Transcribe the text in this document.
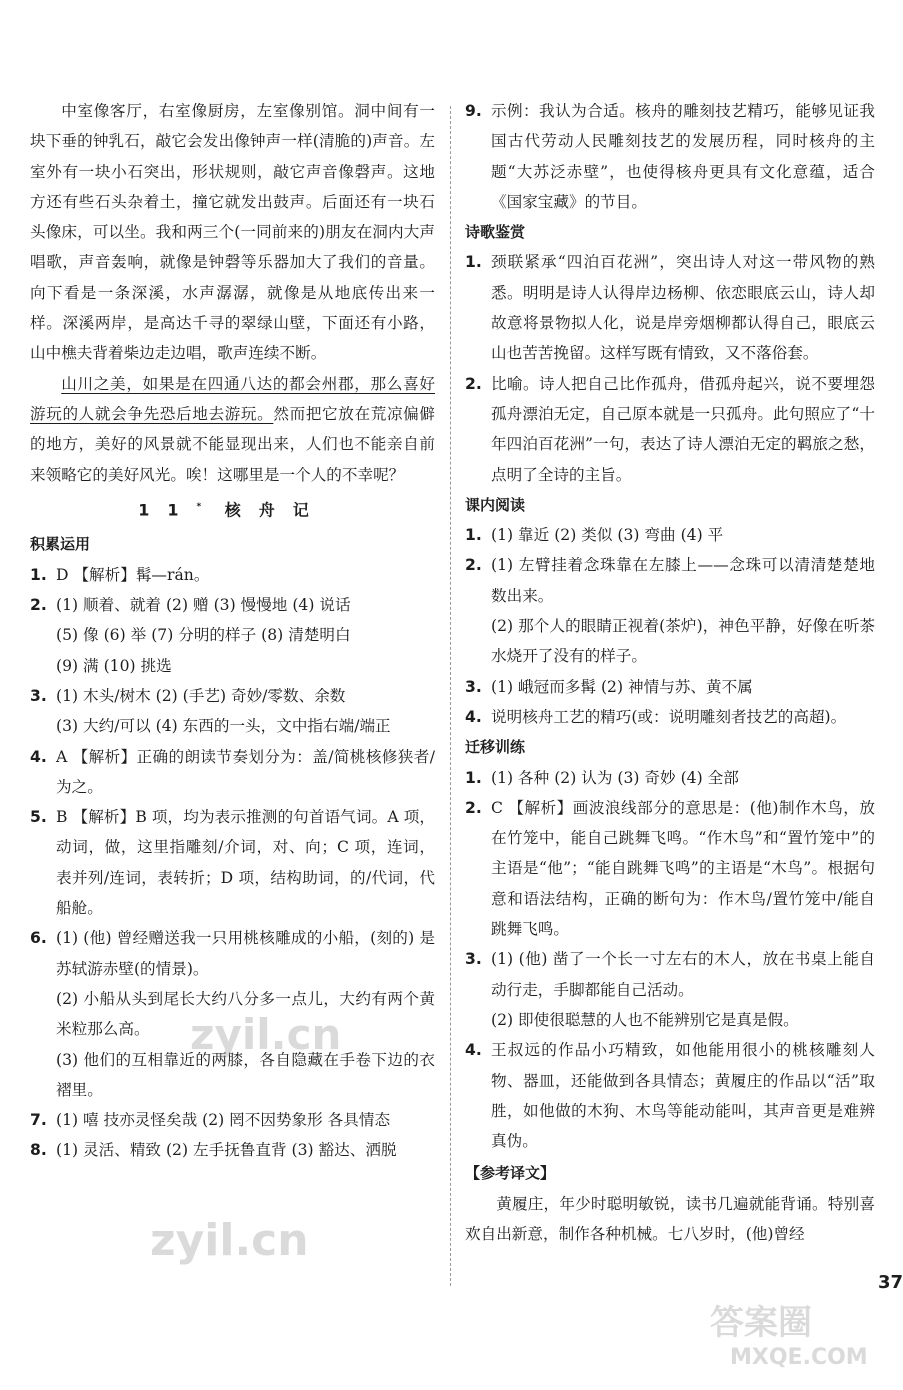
中室像客厅，右室像厨房，左室像别馆。洞中间有一块下垂的钟乳石，敲它会发出像钟声一样(清脆的)声音。左室外有一块小石突出，形状规则，敲它声音像磬声。这地方还有些石头杂着土，撞它就发出鼓声。后面还有一块石头像床，可以坐。我和两三个(一同前来的)朋友在洞内大声唱歌，声音轰响，就像是钟磬等乐器加大了我们的音量。向下看是一条深溪，水声潺潺，就像是从地底传出来一样。深溪两岸，是高达千寻的翠绿山壁，下面还有小路，山中樵夫背着柴边走边唱，歌声连续不断。

山川之美，如果是在四通八达的都会州郡，那么喜好游玩的人就会争先恐后地去游玩。然而把它放在荒凉偏僻的地方，美好的风景就不能显现出来，人们也不能亲自前来领略它的美好风光。唉！这哪里是一个人的不幸呢？

11* 核舟记

积累运用

1. D 【解析】髯—rán。
2. (1) 顺着、就着 (2) 赠 (3) 慢慢地 (4) 说话
(5) 像 (6) 举 (7) 分明的样子 (8) 清楚明白
(9) 满 (10) 挑选
3. (1) 木头/树木 (2) (手艺) 奇妙/零数、余数
(3) 大约/可以 (4) 东西的一头，文中指右端/端正
4. A 【解析】正确的朗读节奏划分为：盖/简桃核修狭者/为之。
5. B 【解析】B 项，均为表示推测的句首语气词。A 项，动词，做，这里指雕刻/介词，对、向；C 项，连词，表并列/连词，表转折；D 项，结构助词，的/代词，代船舱。
6. (1) (他) 曾经赠送我一只用桃核雕成的小船，(刻的) 是苏轼游赤壁(的情景)。
(2) 小船从头到尾长大约八分多一点儿，大约有两个黄米粒那么高。
(3) 他们的互相靠近的两膝，各自隐藏在手卷下边的衣褶里。
7. (1) 嘻 技亦灵怪矣哉 (2) 罔不因势象形 各具情态
8. (1) 灵活、精致 (2) 左手抚鲁直背 (3) 豁达、洒脱
9. 示例：我认为合适。核舟的雕刻技艺精巧，能够见证我国古代劳动人民雕刻技艺的发展历程，同时核舟的主题“大苏泛赤壁”，也使得核舟更具有文化意蕴，适合《国家宝藏》的节目。

诗歌鉴赏

1. 颈联紧承“四泊百花洲”，突出诗人对这一带风物的熟悉。明明是诗人认得岸边杨柳、依恋眼底云山，诗人却故意将景物拟人化，说是岸旁烟柳都认得自己，眼底云山也苦苦挽留。这样写既有情致，又不落俗套。
2. 比喻。诗人把自己比作孤舟，借孤舟起兴，说不要埋怨孤舟漂泊无定，自己原本就是一只孤舟。此句照应了“十年四泊百花洲”一句，表达了诗人漂泊无定的羁旅之愁，点明了全诗的主旨。

课内阅读

1. (1) 靠近 (2) 类似 (3) 弯曲 (4) 平
2. (1) 左臂挂着念珠靠在左膝上——念珠可以清清楚楚地数出来。
(2) 那个人的眼睛正视着(茶炉)，神色平静，好像在听茶水烧开了没有的样子。
3. (1) 峨冠而多髯 (2) 神情与苏、黄不属
4. 说明核舟工艺的精巧(或：说明雕刻者技艺的高超)。

迁移训练

1. (1) 各种 (2) 认为 (3) 奇妙 (4) 全部
2. C 【解析】画波浪线部分的意思是：(他)制作木鸟，放在竹笼中，能自己跳舞飞鸣。“作木鸟”和“置竹笼中”的主语是“他”；“能自跳舞飞鸣”的主语是“木鸟”。根据句意和语法结构，正确的断句为：作木鸟/置竹笼中/能自跳舞飞鸣。
3. (1) (他) 凿了一个长一寸左右的木人，放在书桌上能自动行走，手脚都能自己活动。
(2) 即使很聪慧的人也不能辨别它是真是假。
4. 王叔远的作品小巧精致，如他能用很小的桃核雕刻人物、器皿，还能做到各具情态；黄履庄的作品以“活”取胜，如他做的木狗、木鸟等能动能叫，其声音更是难辨真伪。

【参考译文】

黄履庄，年少时聪明敏锐，读书几遍就能背诵。特别喜欢自出新意，制作各种机械。七八岁时，(他)曾经

37
zyil.cn
zyil.cn
答案圈
MXQE.COM
